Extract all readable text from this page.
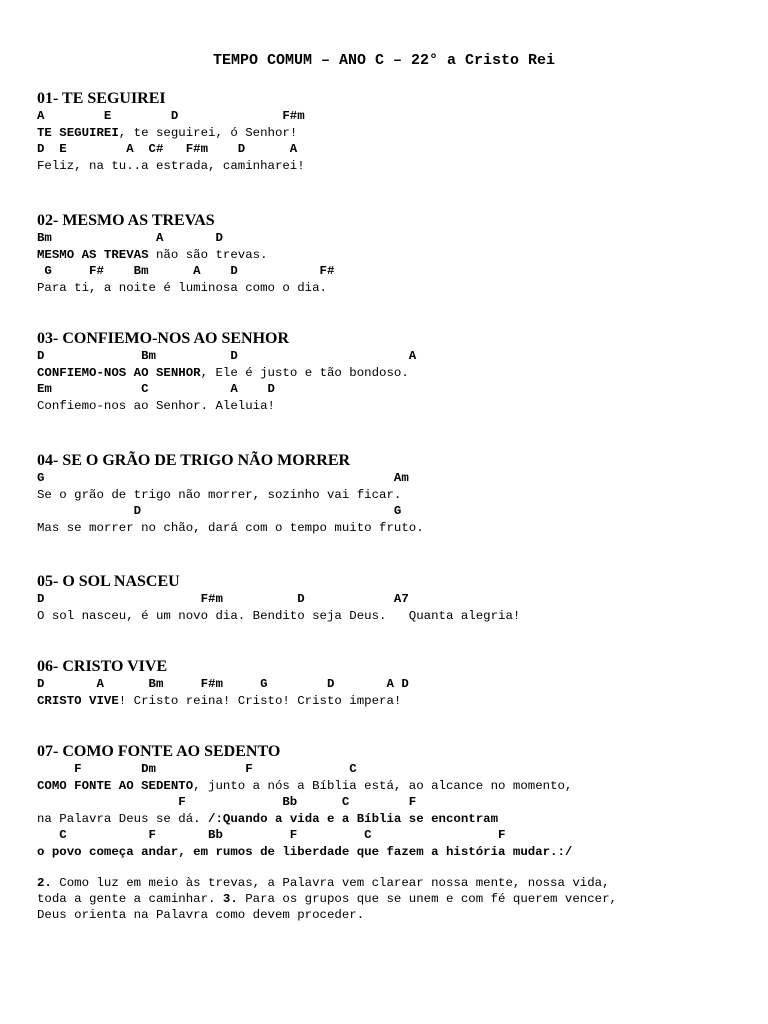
TEMPO COMUM – ANO C – 22° a Cristo Rei
01- TE SEGUIREI
A        E        D              F#m
TE SEGUIREI, te seguirei, ó Senhor!
D  E        A  C#   F#m    D      A
Feliz, na tu..a estrada, caminharei!
02- MESMO AS TREVAS
Bm              A       D
MESMO AS TREVAS não são trevas.
G     F#    Bm      A    D           F#
Para ti, a noite é luminosa como o dia.
03- CONFIEMO-NOS AO SENHOR
D             Bm          D                       A
CONFIEMO-NOS AO SENHOR, Ele é justo e tão bondoso.
Em            C           A    D
Confiemo-nos ao Senhor. Aleluia!
04- SE O GRÃO DE TRIGO NÃO MORRER
G                                               Am
Se o grão de trigo não morrer, sozinho vai ficar.
D                                  G
Mas se morrer no chão, dará com o tempo muito fruto.
05- O SOL NASCEU
D                     F#m          D            A7
O sol nasceu, é um novo dia. Bendito seja Deus.   Quanta alegria!
06- CRISTO VIVE
D       A      Bm     F#m     G        D       A D
CRISTO VIVE! Cristo reina! Cristo! Cristo impera!
07- COMO FONTE AO SEDENTO
F        Dm            F             C
COMO FONTE AO SEDENTO, junto a nós a Bíblia está, ao alcance no momento,
F             Bb      C        F
na Palavra Deus se dá. /:Quando a vida e a Bíblia se encontram
C           F       Bb         F         C                 F
o povo começa andar, em rumos de liberdade que fazem a história mudar.:/
2. Como luz em meio às trevas, a Palavra vem clarear nossa mente, nossa vida,
toda a gente a caminhar. 3. Para os grupos que se unem e com fé querem vencer,
Deus orienta na Palavra como devem proceder.
